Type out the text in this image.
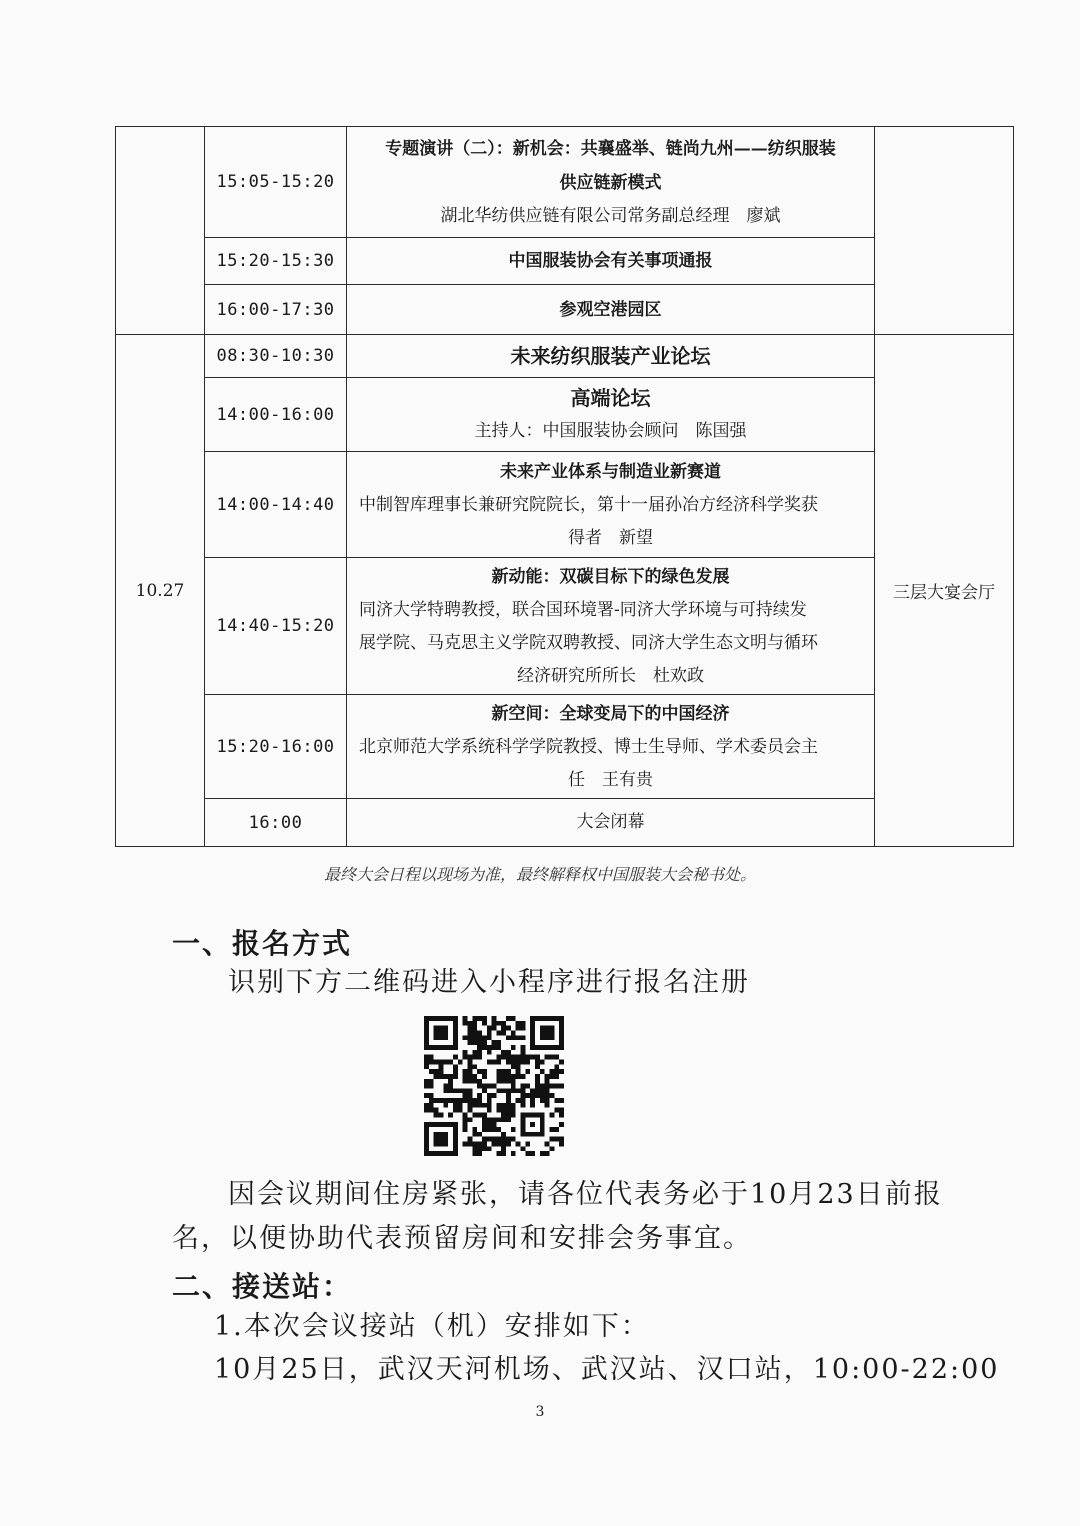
	15:05-15:20	专题演讲（二）：新机会：共襄盛举、链尚九州——纺织服装
供应链新模式
湖北华纺供应链有限公司常务副总经理　廖斌	

	15:20-15:30	中国服装协会有关事项通报	

	16:00-17:30	参观空港园区	

10.27	08:30-10:30	未来纺织服装产业论坛	三层大宴会厅
	14:00-16:00	高端论坛
主持人：中国服装协会顾问　陈国强	

	14:00-14:40	未来产业体系与制造业新赛道
中制智库理事长兼研究院院长，第十一届孙冶方经济科学奖获
得者　新望	

	14:40-15:20	新动能：双碳目标下的绿色发展
同济大学特聘教授，联合国环境署-同济大学环境与可持续发
展学院、马克思主义学院双聘教授、同济大学生态文明与循环
经济研究所所长　杜欢政	

	15:20-16:00	新空间：全球变局下的中国经济
北京师范大学系统科学学院教授、博士生导师、学术委员会主
任　王有贵	

	16:00	大会闭幕	
最终大会日程以现场为准，最终解释权中国服装大会秘书处。
一、报名方式
识别下方二维码进入小程序进行报名注册
因会议期间住房紧张，请各位代表务必于10月23日前报
名，以便协助代表预留房间和安排会务事宜。
二、接送站：
1.本次会议接站（机）安排如下：
10月25日，武汉天河机场、武汉站、汉口站，10:00-22:00
3
